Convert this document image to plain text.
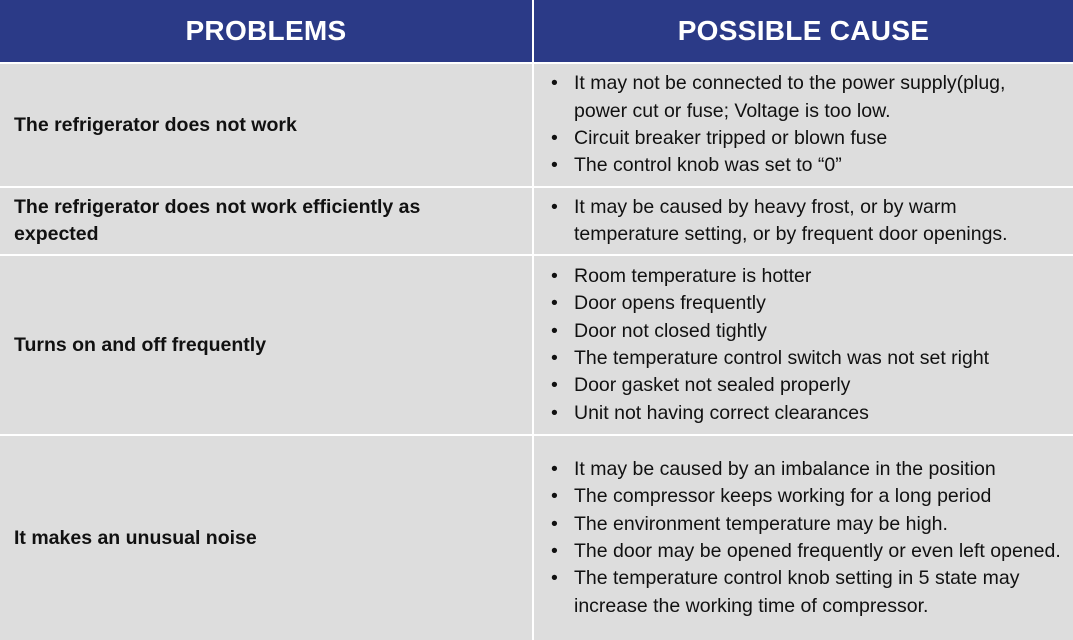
PROBLEMS	POSSIBLE CAUSE
The refrigerator does not work
• It may not be connected to the power supply(plug, power cut or fuse; Voltage is too low.
• Circuit breaker tripped or blown fuse
• The control knob was set to “0”
The refrigerator does not work efficiently as expected
• It may be caused by heavy frost, or by warm temperature setting, or by frequent door openings.
Turns on and off frequently
• Room temperature is hotter
• Door opens frequently
• Door not closed tightly
• The temperature control switch was not set right
• Door gasket not sealed properly
• Unit not having correct clearances
It makes an unusual noise
• It may be caused by an imbalance in the position
• The compressor keeps working for a long period
• The environment temperature may be high.
• The door may be opened frequently or even left opened.
• The temperature control knob setting in 5 state may increase the working time of compressor.
